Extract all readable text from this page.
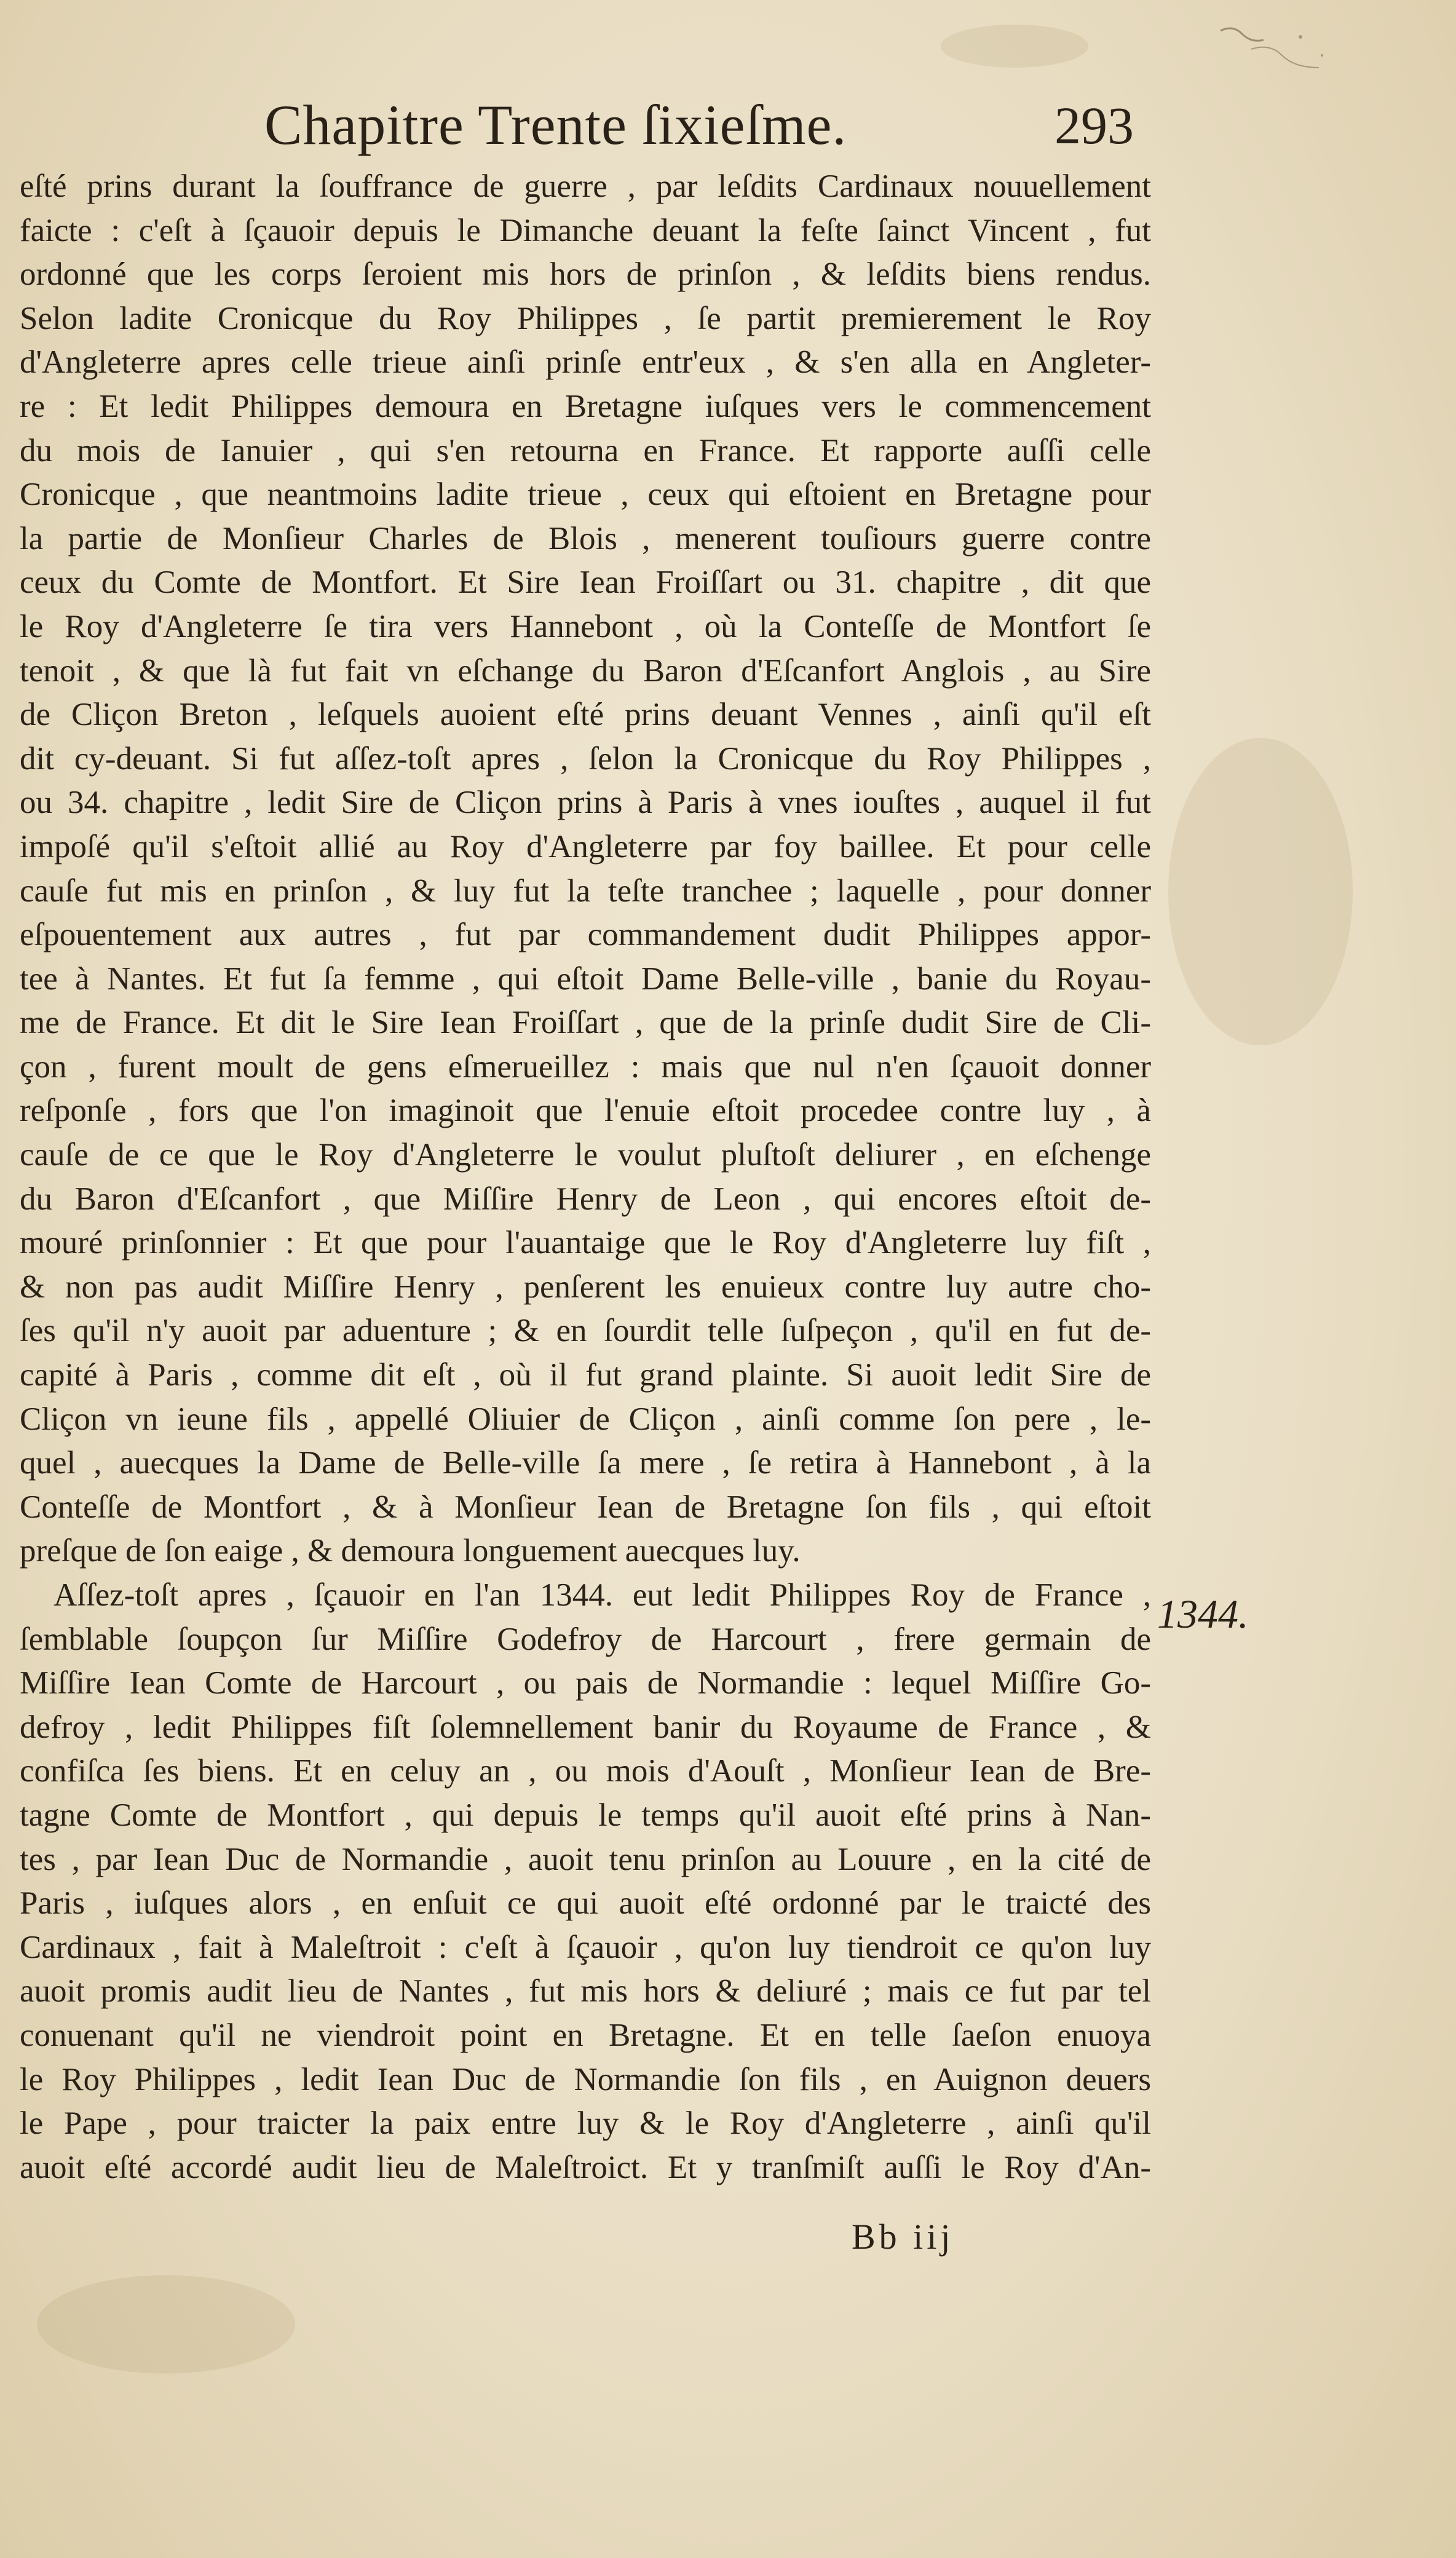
Chapitre Trente ſixieſme.	293
eſté prins durant la ſouffrance de guerre , par leſdits Cardinaux nouuellement
faicte : c'eſt à ſçauoir depuis le Dimanche deuant la feſte ſainct Vincent , fut
ordonné que les corps ſeroient mis hors de prinſon , & leſdits biens rendus.
Selon ladite Cronicque du Roy Philippes , ſe partit premierement le Roy
d'Angleterre apres celle trieue ainſi prinſe entr'eux , & s'en alla en Angleter-
re : Et ledit Philippes demoura en Bretagne iuſques vers le commencement
du mois de Ianuier , qui s'en retourna en France. Et rapporte auſſi celle
Cronicque , que neantmoins ladite trieue , ceux qui eſtoient en Bretagne pour
la partie de Monſieur Charles de Blois , menerent touſiours guerre contre
ceux du Comte de Montfort. Et Sire Iean Froiſſart ou 31. chapitre , dit que
le Roy d'Angleterre ſe tira vers Hannebont , où la Conteſſe de Montfort ſe
tenoit , & que là fut fait vn eſchange du Baron d'Eſcanfort Anglois , au Sire
de Cliçon Breton , leſquels auoient eſté prins deuant Vennes , ainſi qu'il eſt
dit cy-deuant. Si fut aſſez-toſt apres , ſelon la Cronicque du Roy Philippes ,
ou 34. chapitre , ledit Sire de Cliçon prins à Paris à vnes iouſtes , auquel il fut
impoſé qu'il s'eſtoit allié au Roy d'Angleterre par foy baillee. Et pour celle
cauſe fut mis en prinſon , & luy fut la teſte tranchee ; laquelle , pour donner
eſpouentement aux autres , fut par commandement dudit Philippes appor-
tee à Nantes. Et fut ſa femme , qui eſtoit Dame Belle-ville , banie du Royau-
me de France. Et dit le Sire Iean Froiſſart , que de la prinſe dudit Sire de Cli-
çon , furent moult de gens eſmerueillez : mais que nul n'en ſçauoit donner
reſponſe , fors que l'on imaginoit que l'enuie eſtoit procedee contre luy , à
cauſe de ce que le Roy d'Angleterre le voulut pluſtoſt deliurer , en eſchenge
du Baron d'Eſcanfort , que Miſſire Henry de Leon , qui encores eſtoit de-
mouré prinſonnier : Et que pour l'auantaige que le Roy d'Angleterre luy fiſt ,
& non pas audit Miſſire Henry , penſerent les enuieux contre luy autre cho-
ſes qu'il n'y auoit par aduenture ; & en ſourdit telle ſuſpeçon , qu'il en fut de-
capité à Paris , comme dit eſt , où il fut grand plainte. Si auoit ledit Sire de
Cliçon vn ieune fils , appellé Oliuier de Cliçon , ainſi comme ſon pere , le-
quel , auecques la Dame de Belle-ville ſa mere , ſe retira à Hannebont , à la
Conteſſe de Montfort , & à Monſieur Iean de Bretagne ſon fils , qui eſtoit
preſque de ſon eaige , & demoura longuement auecques luy.
Aſſez-toſt apres , ſçauoir en l'an 1344. eut ledit Philippes Roy de France ,
ſemblable ſoupçon ſur Miſſire Godefroy de Harcourt , frere germain de
Miſſire Iean Comte de Harcourt , ou pais de Normandie : lequel Miſſire Go-
defroy , ledit Philippes fiſt ſolemnellement banir du Royaume de France , &
confiſca ſes biens. Et en celuy an , ou mois d'Aouſt , Monſieur Iean de Bre-
tagne Comte de Montfort , qui depuis le temps qu'il auoit eſté prins à Nan-
tes , par Iean Duc de Normandie , auoit tenu prinſon au Louure , en la cité de
Paris , iuſques alors , en enſuit ce qui auoit eſté ordonné par le traicté des
Cardinaux , fait à Maleſtroit : c'eſt à ſçauoir , qu'on luy tiendroit ce qu'on luy
auoit promis audit lieu de Nantes , fut mis hors & deliuré ; mais ce fut par tel
conuenant qu'il ne viendroit point en Bretagne. Et en telle ſaeſon enuoya
le Roy Philippes , ledit Iean Duc de Normandie ſon fils , en Auignon deuers
le Pape , pour traicter la paix entre luy & le Roy d'Angleterre , ainſi qu'il
auoit eſté accordé audit lieu de Maleſtroict. Et y tranſmiſt auſſi le Roy d'An-
1344.
Bb iij
